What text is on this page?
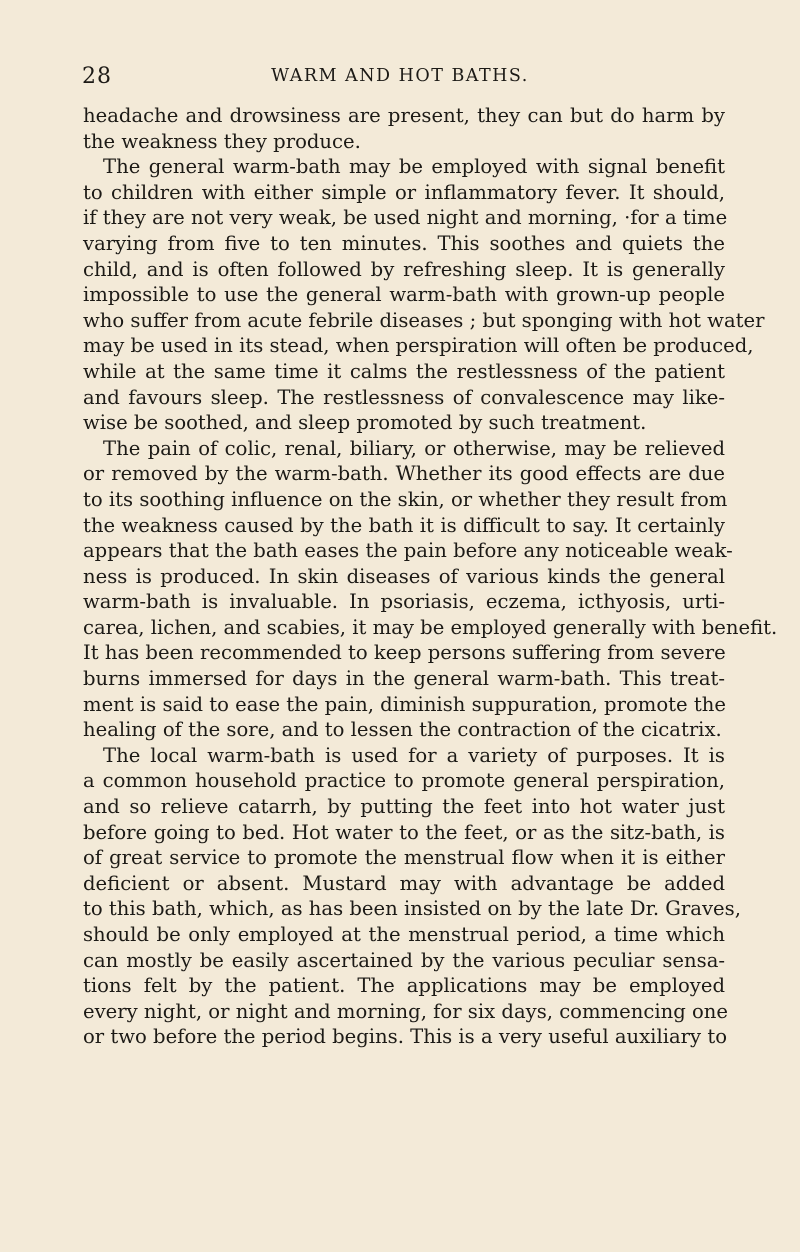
28	WARM AND HOT BATHS.
headache and drowsiness are present, they can but do harm by
the weakness they produce.
The general warm-bath may be employed with signal benefit
to children with either simple or inflammatory fever. It should,
if they are not very weak, be used night and morning, ·for a time
varying from five to ten minutes. This soothes and quiets the
child, and is often followed by refreshing sleep. It is generally
impossible to use the general warm-bath with grown-up people
who suffer from acute febrile diseases ; but sponging with hot water
may be used in its stead, when perspiration will often be produced,
while at the same time it calms the restlessness of the patient
and favours sleep. The restlessness of convalescence may like-
wise be soothed, and sleep promoted by such treatment.
The pain of colic, renal, biliary, or otherwise, may be relieved
or removed by the warm-bath. Whether its good effects are due
to its soothing influence on the skin, or whether they result from
the weakness caused by the bath it is difficult to say. It certainly
appears that the bath eases the pain before any noticeable weak-
ness is produced. In skin diseases of various kinds the general
warm-bath is invaluable. In psoriasis, eczema, icthyosis, urti-
carea, lichen, and scabies, it may be employed generally with benefit.
It has been recommended to keep persons suffering from severe
burns immersed for days in the general warm-bath. This treat-
ment is said to ease the pain, diminish suppuration, promote the
healing of the sore, and to lessen the contraction of the cicatrix.
The local warm-bath is used for a variety of purposes. It is
a common household practice to promote general perspiration,
and so relieve catarrh, by putting the feet into hot water just
before going to bed. Hot water to the feet, or as the sitz-bath, is
of great service to promote the menstrual flow when it is either
deficient or absent. Mustard may with advantage be added
to this bath, which, as has been insisted on by the late Dr. Graves,
should be only employed at the menstrual period, a time which
can mostly be easily ascertained by the various peculiar sensa-
tions felt by the patient. The applications may be employed
every night, or night and morning, for six days, commencing one
or two before the period begins. This is a very useful auxiliary to
